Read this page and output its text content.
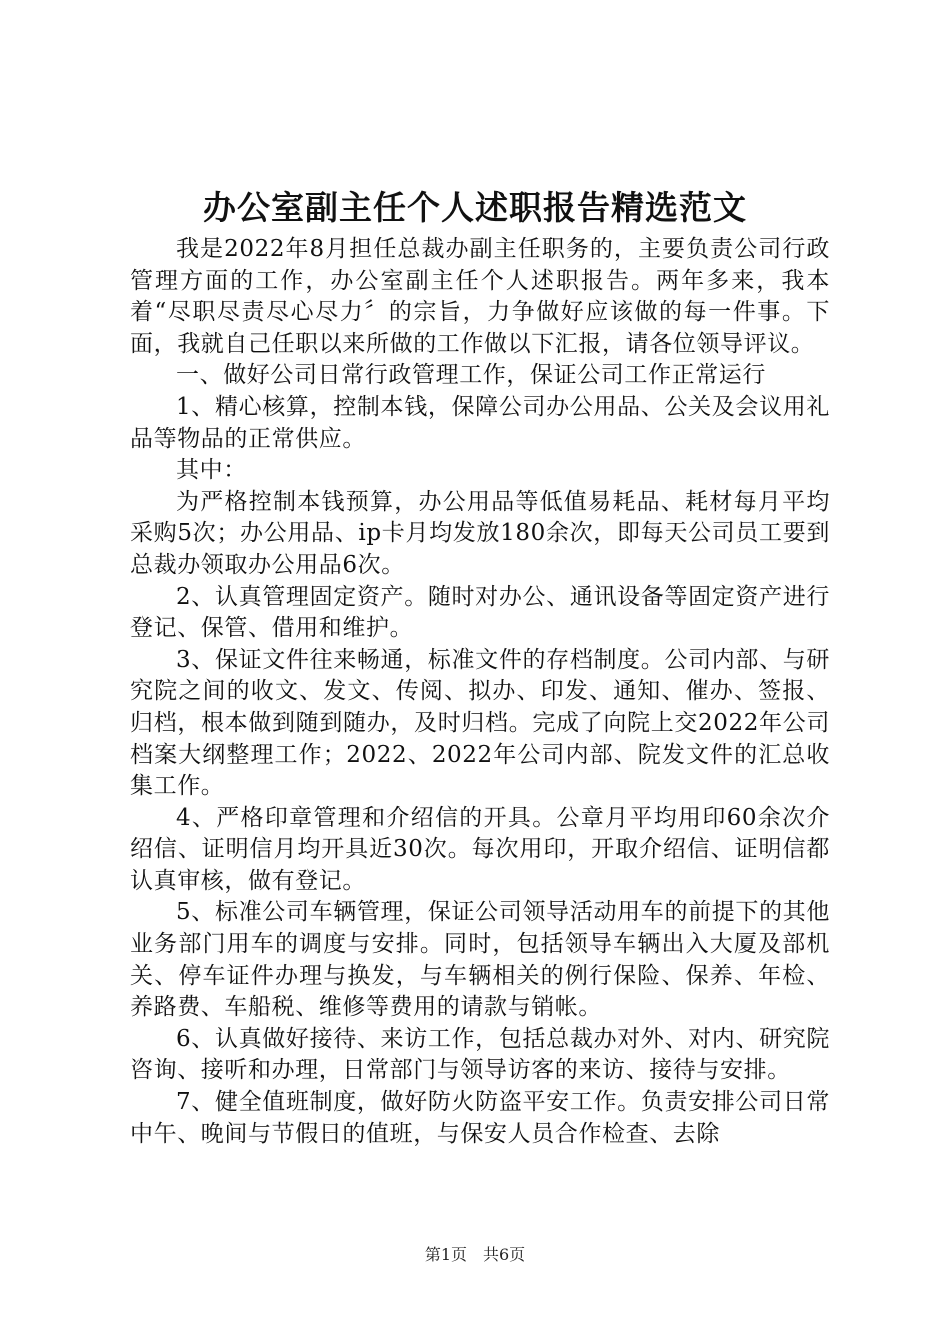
办公室副主任个人述职报告精选范文

我是2022年8月担任总裁办副主任职务的，主要负责公司行政管理方面的工作，办公室副主任个人述职报告。两年多来，我本着“尽职尽责尽心尽力〞的宗旨，力争做好应该做的每一件事。下面，我就自己任职以来所做的工作做以下汇报，请各位领导评议。

一、做好公司日常行政管理工作，保证公司工作正常运行

1、精心核算，控制本钱，保障公司办公用品、公关及会议用礼品等物品的正常供应。

其中：

为严格控制本钱预算，办公用品等低值易耗品、耗材每月平均采购5次；办公用品、ip卡月均发放180余次，即每天公司员工要到总裁办领取办公用品6次。

2、认真管理固定资产。随时对办公、通讯设备等固定资产进行登记、保管、借用和维护。

3、保证文件往来畅通，标准文件的存档制度。公司内部、与研究院之间的收文、发文、传阅、拟办、印发、通知、催办、签报、归档，根本做到随到随办，及时归档。完成了向院上交2022年公司档案大纲整理工作；2022、2022年公司内部、院发文件的汇总收集工作。

4、严格印章管理和介绍信的开具。公章月平均用印60余次介绍信、证明信月均开具近30次。每次用印，开取介绍信、证明信都认真审核，做有登记。

5、标准公司车辆管理，保证公司领导活动用车的前提下的其他业务部门用车的调度与安排。同时，包括领导车辆出入大厦及部机关、停车证件办理与换发，与车辆相关的例行保险、保养、年检、养路费、车船税、维修等费用的请款与销帐。

6、认真做好接待、来访工作，包括总裁办对外、对内、研究院　 咨询、接听和办理，日常部门与领导访客的来访、接待与安排。

7、健全值班制度，做好防火防盗平安工作。负责安排公司日常中午、晚间与节假日的值班，与保安人员合作检查、去除

第1页　共6页
